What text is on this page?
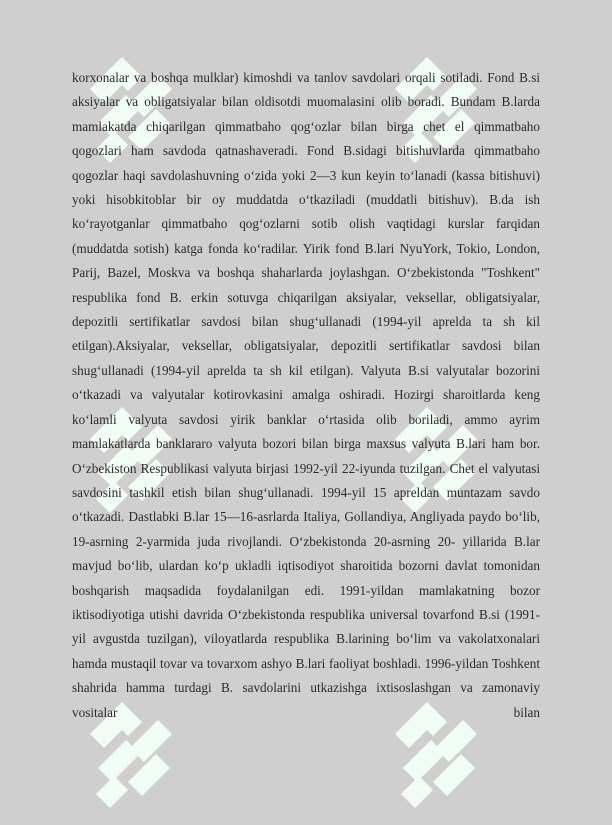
korxonalar va boshqa mulklar) kimoshdi va tanlov savdolari orqali sotiladi. Fond B.si aksiyalar va obligatsiyalar bilan oldisotdi muomalasini olib boradi. Bundam B.larda mamlakatda chiqarilgan qimmatbaho qog‘ozlar bilan birga chet el qimmatbaho qogozlari ham savdoda qatnashaveradi. Fond B.sidagi bitishuvlarda qimmatbaho qogozlar haqi savdolashuvning oʻzida yoki 2—3 kun keyin toʻlanadi (kassa bitishuvi) yoki hisobkitoblar bir oy muddatda oʻtkaziladi (muddatli bitishuv). B.da ish koʻrayotganlar qimmatbaho qogʻozlarni sotib olish vaqtidagi kurslar farqidan (muddatda sotish) katga fonda koʻradilar. Yirik fond B.lari NyuYork, Tokio, London, Parij, Bazel, Moskva va boshqa shaharlarda joylashgan. Oʻzbekistonda "Toshkent" respublika fond B. erkin sotuvga chiqarilgan aksiyalar, veksellar, obligatsiyalar, depozitli sertifikatlar savdosi bilan shugʻullanadi (1994-yil aprelda ta sh kil etilgan).Aksiyalar, veksellar, obligatsiyalar, depozitli sertifikatlar savdosi bilan shugʻullanadi (1994-yil aprelda ta sh kil etilgan). Valyuta B.si valyutalar bozorini oʻtkazadi va valyutalar kotirovkasini amalga oshiradi. Hozirgi sharoitlarda keng koʻlamli valyuta savdosi yirik banklar oʻrtasida olib boriladi, ammo ayrim mamlakatlarda banklararo valyuta bozori bilan birga maxsus valyuta B.lari ham bor. Oʻzbekiston Respublikasi valyuta birjasi 1992-yil 22-iyunda tuzilgan. Chet el valyutasi savdosini tashkil etish bilan shugʻullanadi. 1994-yil 15 apreldan muntazam savdo oʻtkazadi. Dastlabki B.lar 15—16-asrlarda Italiya, Gollandiya, Angliyada paydo boʻlib, 19-asrning 2-yarmida juda rivojlandi. Oʻzbekistonda 20-asrning 20- yillarida B.lar mavjud boʻlib, ulardan koʻp ukladli iqtisodiyot sharoitida bozorni davlat tomonidan boshqarish maqsadida foydalanilgan edi. 1991-yildan mamlakatning bozor iktisodiyotiga utishi davrida Oʻzbekistonda respublika universal tovarfond B.si (1991-yil avgustda tuzilgan), viloyatlarda respublika B.larining boʻlim va vakolatxonalari hamda mustaqil tovar va tovarxom ashyo B.lari faoliyat boshladi. 1996-yildan Toshkent shahrida hamma turdagi B. savdolarini utkazishga ixtisoslashgan va zamonaviy vositalar bilan
